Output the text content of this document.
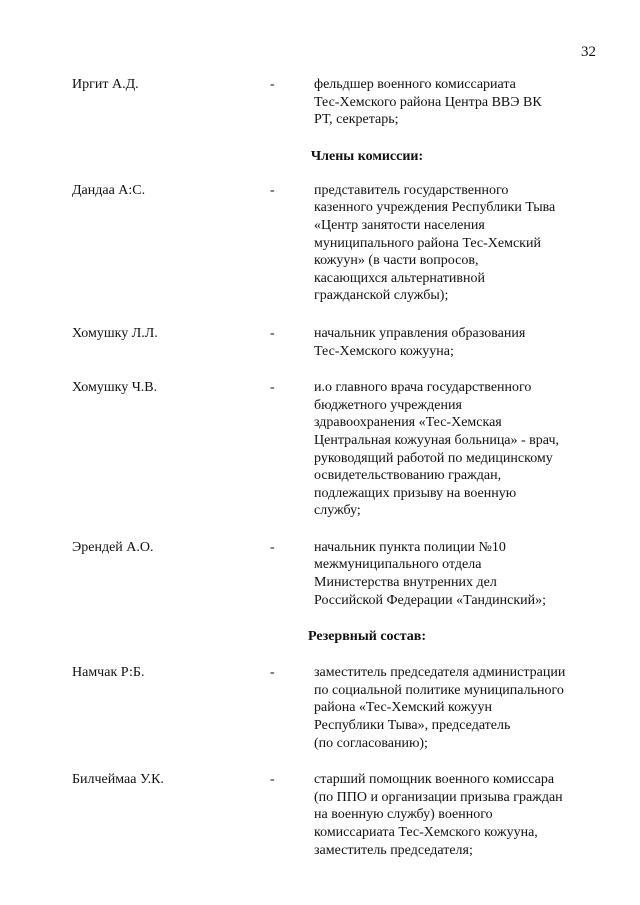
32
Иргит А.Д.	-	фельдшер военного комиссариата
Тес-Хемского района Центра ВВЭ ВК
РТ, секретарь;
Члены комиссии:
Дандаа А:С.	-	представитель государственного
казенного учреждения Республики Тыва
«Центр занятости населения
муниципального района Тес-Хемский
кожуун» (в части вопросов,
касающихся альтернативной
гражданской службы);
Хомушку Л.Л.	-	начальник управления образования
Тес-Хемского кожууна;
Хомушку Ч.В.	-	и.о главного врача государственного
бюджетного учреждения
здравоохранения «Тес-Хемская
Центральная кожууная больница» - врач,
руководящий работой по медицинскому
освидетельствованию граждан,
подлежащих призыву на военную
службу;
Эрендей А.О.	-	начальник пункта полиции №10
межмуниципального отдела
Министерства внутренних дел
Российской Федерации «Тандинский»;
Резервный состав:
Намчак Р:Б.	-	заместитель председателя администрации
по социальной политике муниципального
района «Тес-Хемский кожуун
Республики Тыва», председатель
(по согласованию);
Билчеймаа У.К.	-	старший помощник военного комиссара
(по ППО и организации призыва граждан
на военную службу) военного
комиссариата Тес-Хемского кожууна,
заместитель председателя;
